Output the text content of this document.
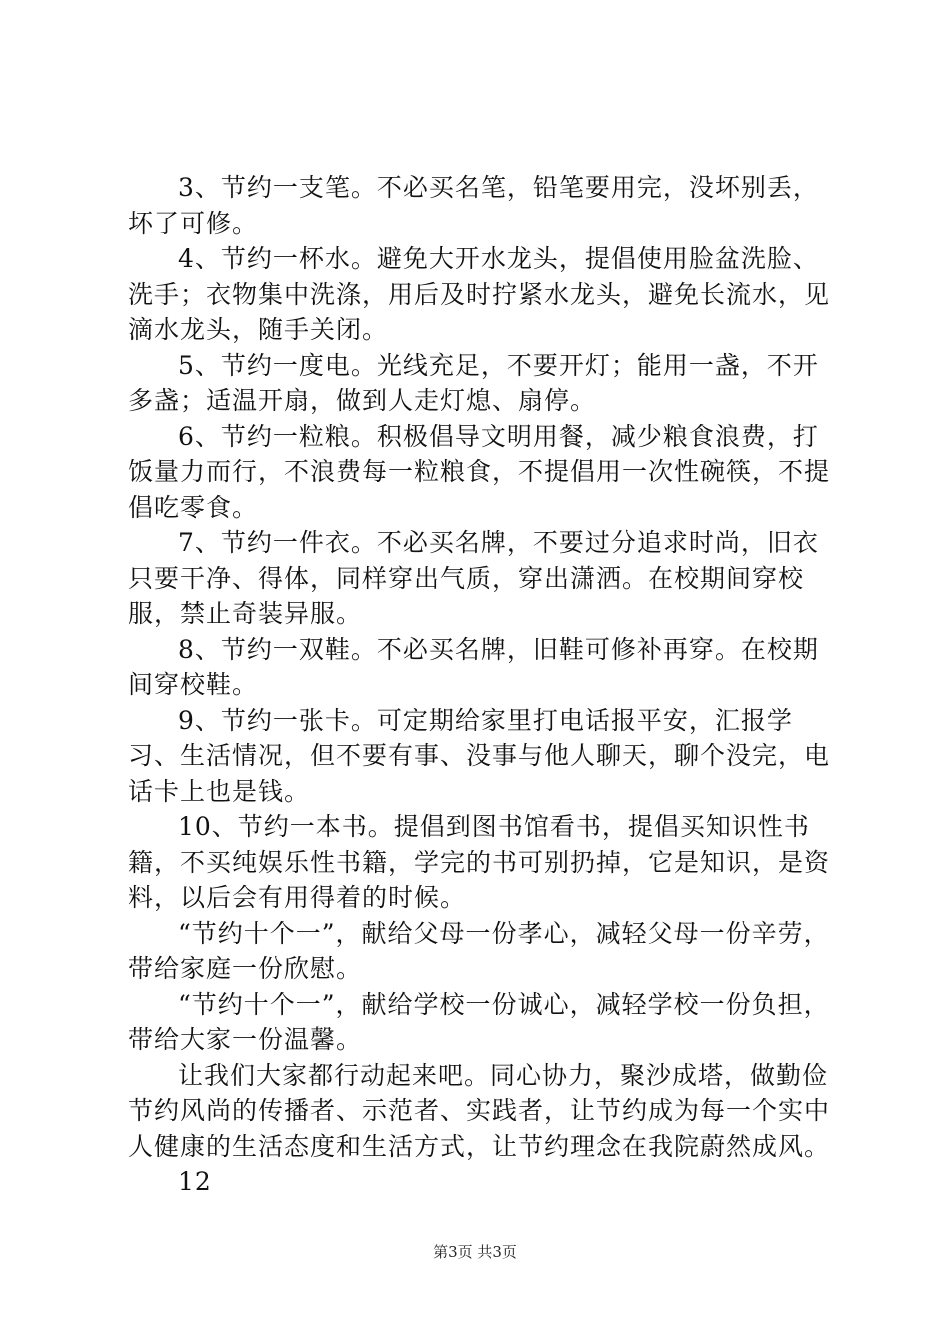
3、节约一支笔。不必买名笔，铅笔要用完，没坏别丢，坏了可修。

4、节约一杯水。避免大开水龙头，提倡使用脸盆洗脸、洗手；衣物集中洗涤，用后及时拧紧水龙头，避免长流水，见滴水龙头，随手关闭。

5、节约一度电。光线充足，不要开灯；能用一盏，不开多盏；适温开扇，做到人走灯熄、扇停。

6、节约一粒粮。积极倡导文明用餐，减少粮食浪费，打饭量力而行，不浪费每一粒粮食，不提倡用一次性碗筷，不提倡吃零食。

7、节约一件衣。不必买名牌，不要过分追求时尚，旧衣只要干净、得体，同样穿出气质，穿出潇洒。在校期间穿校服，禁止奇装异服。

8、节约一双鞋。不必买名牌，旧鞋可修补再穿。在校期间穿校鞋。

9、节约一张卡。可定期给家里打电话报平安，汇报学习、生活情况，但不要有事、没事与他人聊天，聊个没完，电话卡上也是钱。

10、节约一本书。提倡到图书馆看书，提倡买知识性书籍，不买纯娱乐性书籍，学完的书可别扔掉，它是知识，是资料，以后会有用得着的时候。

“节约十个一”，献给父母一份孝心，减轻父母一份辛劳，带给家庭一份欣慰。

“节约十个一”，献给学校一份诚心，减轻学校一份负担，带给大家一份温馨。

让我们大家都行动起来吧。同心协力，聚沙成塔，做勤俭节约风尚的传播者、示范者、实践者，让节约成为每一个实中人健康的生活态度和生活方式，让节约理念在我院蔚然成风。

12

第3页 共3页
